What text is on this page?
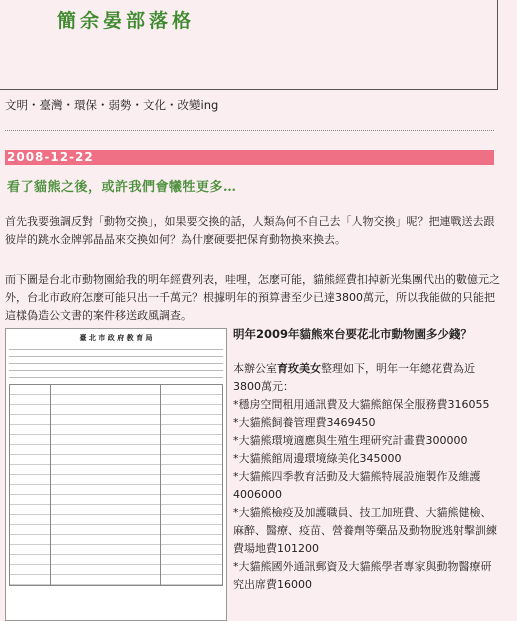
簡余晏部落格

文明・臺灣・環保・弱勢・文化・改變ing

2008-12-22
看了貓熊之後，或許我們會犧牲更多…

首先我要強調反對「動物交換」，如果要交換的話，人類為何不自己去「人物交換」呢？把連戰送去跟彼岸的跳水金牌郭晶晶來交換如何？為什麼硬要把保育動物換來換去。

而下圖是台北市動物園給我的明年經費列表，哇哩，怎麼可能，貓熊經費扣掉新光集團代出的數億元之外，台北市政府怎麼可能只出一千萬元？根據明年的預算書至少已達3800萬元，所以我能做的只能把這樣偽造公文書的案件移送政風調查。

臺 北 市 政 府 教 育 局	明年2009年貓熊來台要花北市動物園多少錢？

本辦公室育玫美女整理如下，明年一年總花費為近3800萬元：

*穩房空間租用通訊費及大貓熊館保全服務費316055

*大貓熊飼養管理費3469450

*大貓熊環境適應與生殖生理研究計畫費300000

*大貓熊館周邊環境綠美化345000

*大貓熊四季教育活動及大貓熊特展設施製作及維護4006000

*大貓熊檢疫及加護職員、技工加班費、大貓熊健檢、麻醉、醫療、疫苗、營養劑等藥品及動物脫逃射擊訓練費場地費101200

*大貓熊國外通訊郵資及大貓熊學者專家與動物醫療研究出席費16000
